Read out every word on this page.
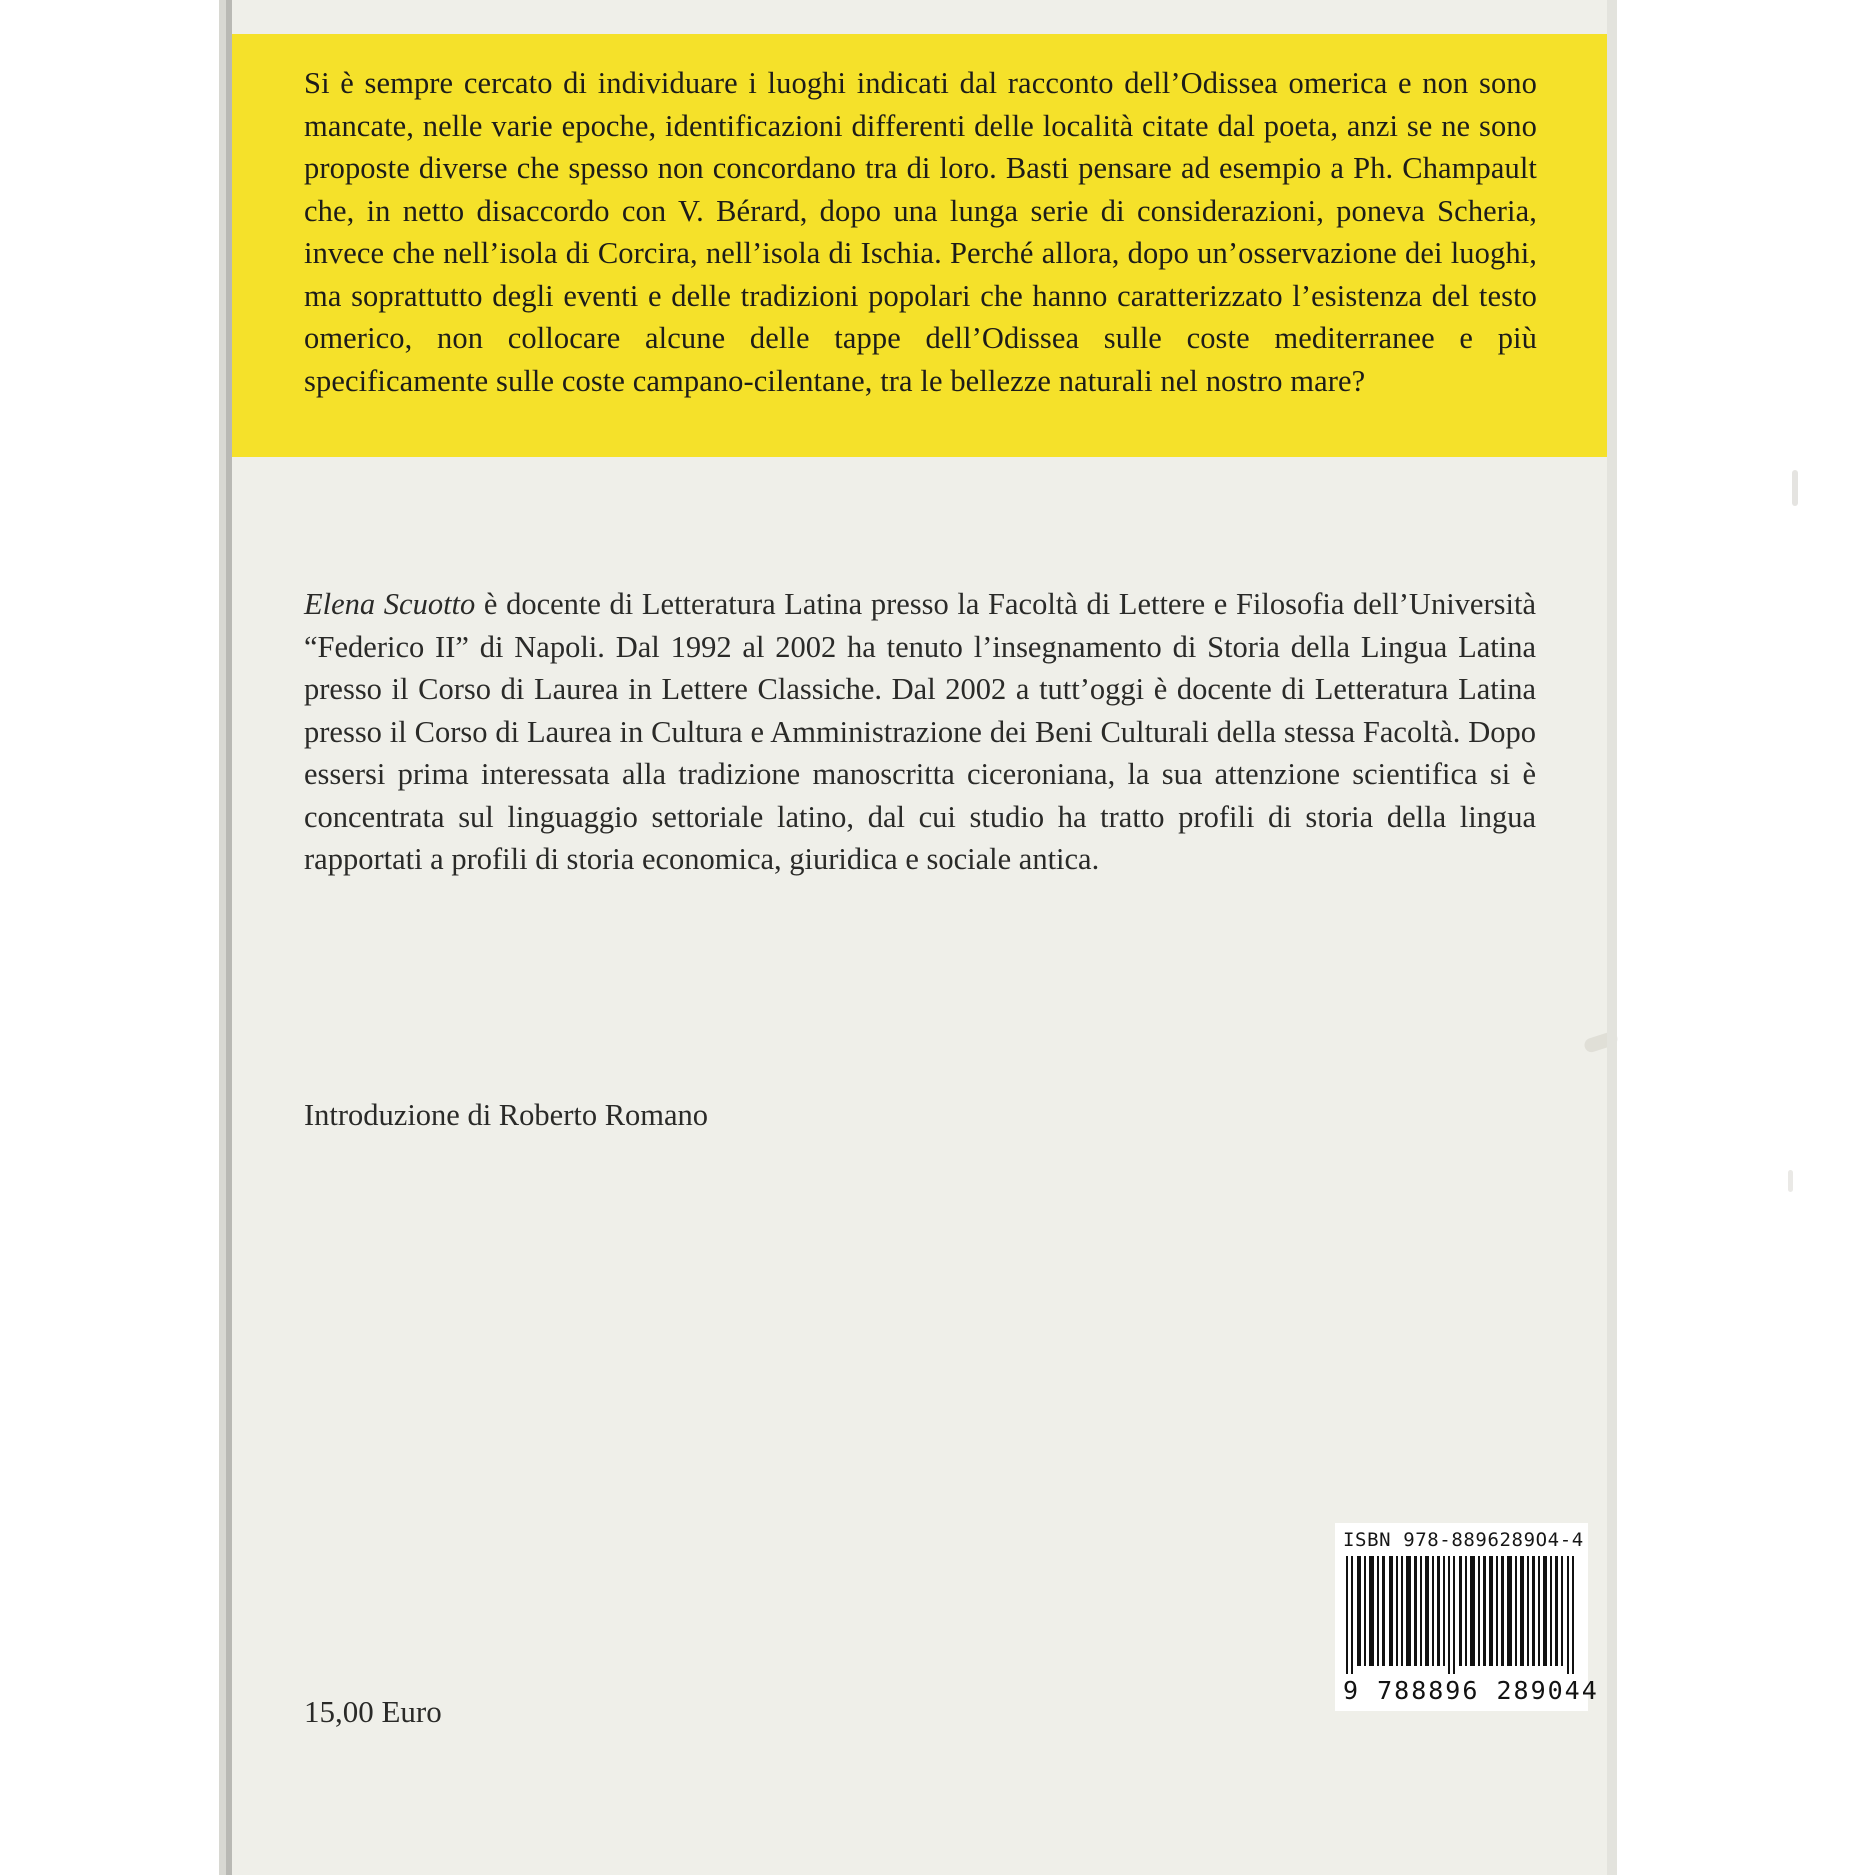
Si è sempre cercato di individuare i luoghi indicati dal racconto dell’Odissea omerica e non sono mancate, nelle varie epoche, identificazioni differenti delle località citate dal poeta, anzi se ne sono proposte diverse che spesso non concordano tra di loro. Basti pensare ad esempio a Ph. Champault che, in netto disaccordo con V. Bérard, dopo una lunga serie di considerazioni, poneva Scheria, invece che nell’isola di Corcira, nell’isola di Ischia. Perché allora, dopo un’osservazione dei luoghi, ma soprattutto degli eventi e delle tradizioni popolari che hanno caratterizzato l’esistenza del testo omerico, non collocare alcune delle tappe dell’Odissea sulle coste mediterranee e più specificamente sulle coste campano-cilentane, tra le bellezze naturali nel nostro mare?
Elena Scuotto è docente di Letteratura Latina presso la Facoltà di Lettere e Filosofia dell’Università “Federico II” di Napoli. Dal 1992 al 2002 ha tenuto l’insegnamento di Storia della Lingua Latina presso il Corso di Laurea in Lettere Classiche. Dal 2002 a tutt’oggi è docente di Letteratura Latina presso il Corso di Laurea in Cultura e Amministrazione dei Beni Culturali della stessa Facoltà. Dopo essersi prima interessata alla tradizione manoscritta ciceroniana, la sua attenzione scientifica si è concentrata sul linguaggio settoriale latino, dal cui studio ha tratto profili di storia della lingua rapportati a profili di storia economica, giuridica e sociale antica.
Introduzione di Roberto Romano
15,00 Euro
ISBN 978-8896289O4-4
9 788896 289044
